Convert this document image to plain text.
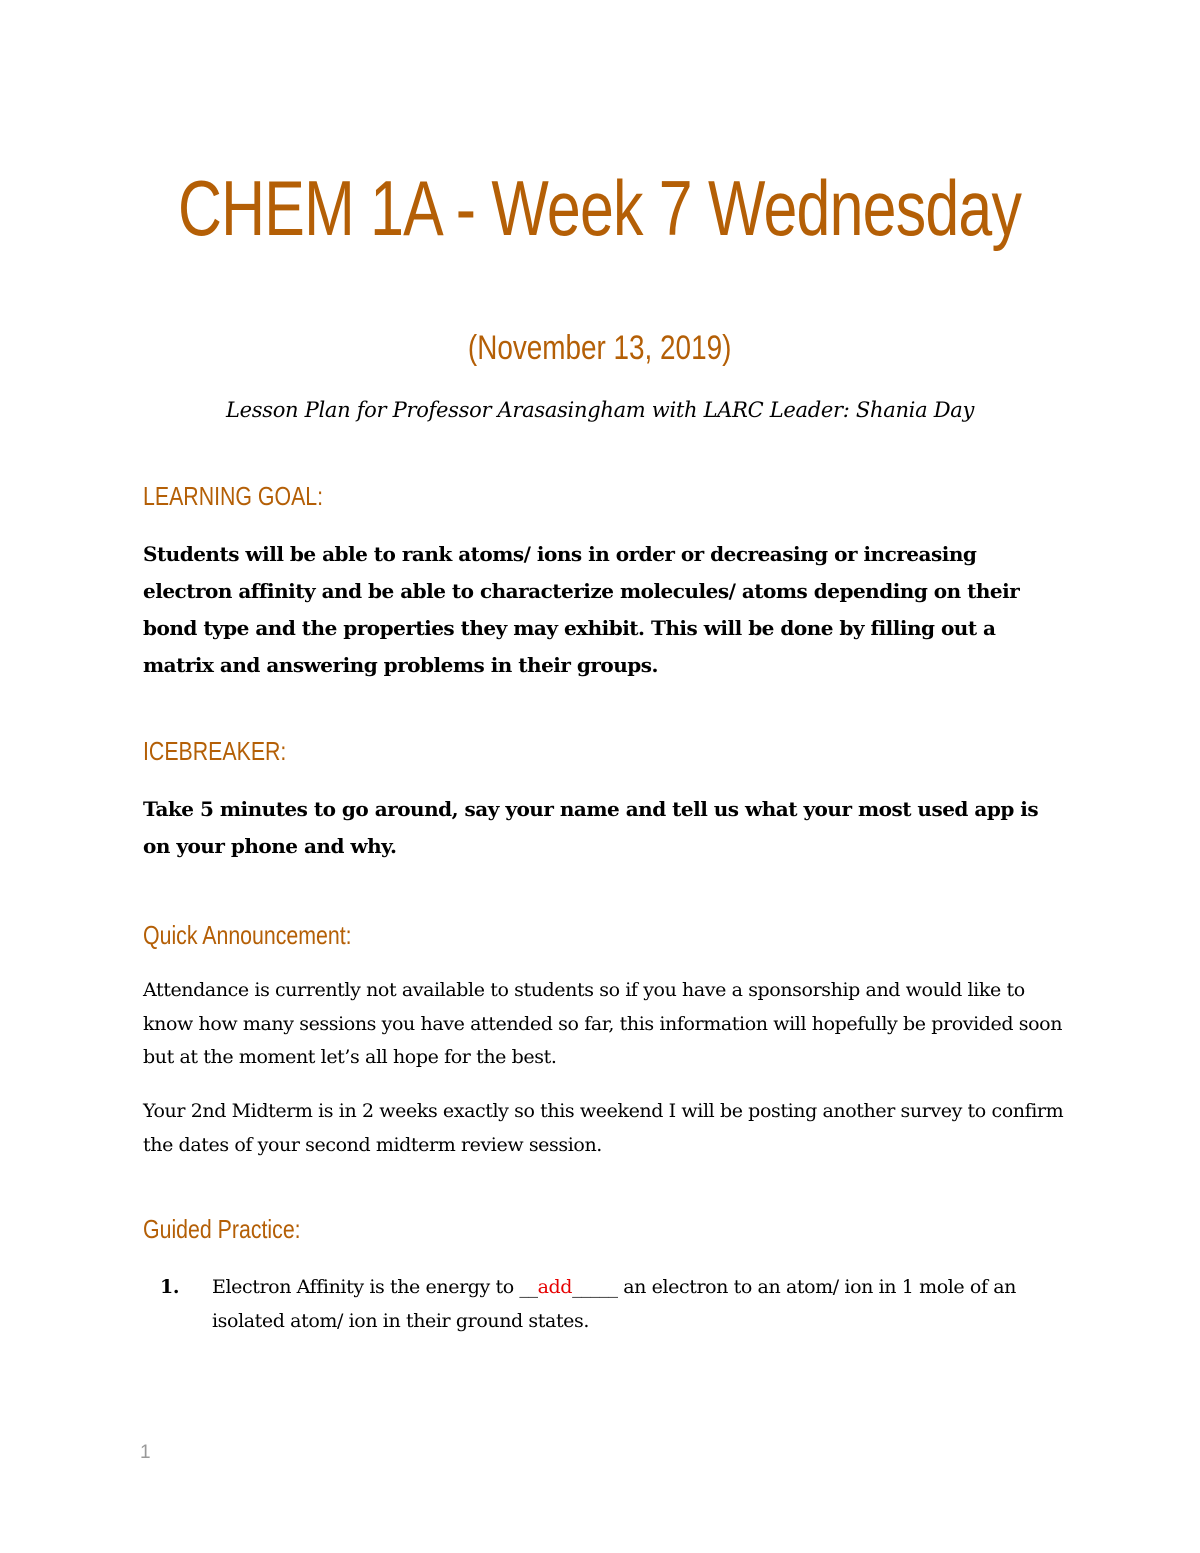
CHEM 1A - Week 7 Wednesday
(November 13, 2019)
Lesson Plan for Professor Arasasingham with LARC Leader: Shania Day
LEARNING GOAL:
Students will be able to rank atoms/ ions in order or decreasing or increasing electron affinity and be able to characterize molecules/ atoms depending on their bond type and the properties they may exhibit. This will be done by filling out a matrix and answering problems in their groups.
ICEBREAKER:
Take 5 minutes to go around, say your name and tell us what your most used app is on your phone and why.
Quick Announcement:
Attendance is currently not available to students so if you have a sponsorship and would like to know how many sessions you have attended so far, this information will hopefully be provided soon but at the moment let’s all hope for the best.
Your 2nd Midterm is in 2 weeks exactly so this weekend I will be posting another survey to confirm the dates of your second midterm review session.
Guided Practice:
1. Electron Affinity is the energy to __add_____ an electron to an atom/ ion in 1 mole of an isolated atom/ ion in their ground states.
1
